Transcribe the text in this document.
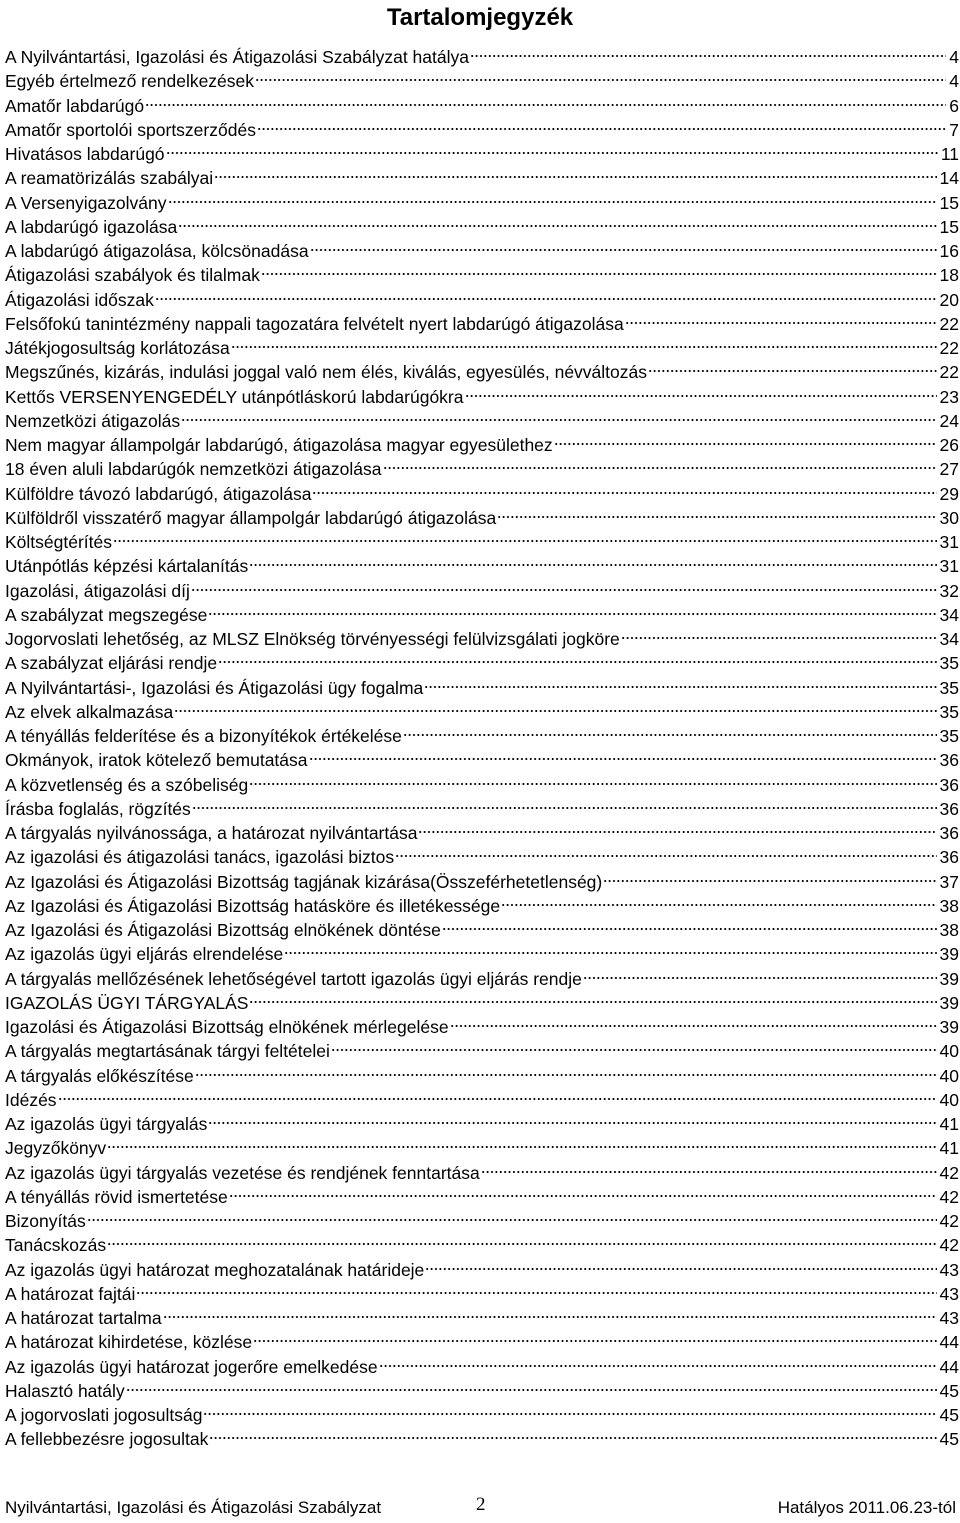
Tartalomjegyzék
A Nyilvántartási, Igazolási és Átigazolási Szabályzat hatálya	4
Egyéb értelmező rendelkezések	4
Amatőr labdarúgó	6
Amatőr sportolói sportszerződés	7
Hivatásos labdarúgó	11
A reamatörizálás szabályai	14
A Versenyigazolvány	15
A labdarúgó igazolása	15
A labdarúgó átigazolása, kölcsönadása	16
Átigazolási szabályok és tilalmak	18
Átigazolási időszak	20
Felsőfokú tanintézmény nappali tagozatára felvételt nyert labdarúgó átigazolása	22
Játékjogosultság korlátozása	22
Megszűnés, kizárás, indulási joggal való nem élés, kiválás, egyesülés, névváltozás	22
Kettős VERSENYENGEDÉLY utánpótláskorú labdarúgókra	23
Nemzetközi átigazolás	24
Nem magyar állampolgár labdarúgó, átigazolása magyar egyesülethez	26
18 éven aluli labdarúgók nemzetközi átigazolása	27
Külföldre távozó labdarúgó, átigazolása	29
Külföldről visszatérő magyar állampolgár labdarúgó átigazolása	30
Költségtérítés	31
Utánpótlás képzési kártalanítás	31
Igazolási, átigazolási díj	32
A szabályzat megszegése	34
Jogorvoslati lehetőség, az MLSZ Elnökség törvényességi felülvizsgálati jogköre	34
A szabályzat eljárási rendje	35
A Nyilvántartási-, Igazolási és Átigazolási ügy fogalma	35
Az elvek alkalmazása	35
A tényállás felderítése és a bizonyítékok értékelése	35
Okmányok, iratok kötelező bemutatása	36
A közvetlenség és a szóbeliség	36
Írásba foglalás, rögzítés	36
A tárgyalás nyilvánossága, a határozat nyilvántartása	36
Az igazolási és átigazolási tanács, igazolási biztos	36
Az Igazolási és Átigazolási Bizottság tagjának kizárása(Összeférhetetlenség)	37
Az Igazolási és Átigazolási Bizottság hatásköre és illetékessége	38
Az Igazolási és Átigazolási Bizottság elnökének döntése	38
Az igazolás ügyi eljárás elrendelése	39
A tárgyalás mellőzésének lehetőségével tartott igazolás ügyi eljárás rendje	39
IGAZOLÁS ÜGYI TÁRGYALÁS	39
Igazolási és Átigazolási Bizottság elnökének mérlegelése	39
A tárgyalás megtartásának tárgyi feltételei	40
A tárgyalás előkészítése	40
Idézés	40
Az igazolás ügyi tárgyalás	41
Jegyzőkönyv	41
Az igazolás ügyi tárgyalás vezetése és rendjének fenntartása	42
A tényállás rövid ismertetése	42
Bizonyítás	42
Tanácskozás	42
Az igazolás ügyi határozat meghozatalának határideje	43
A határozat fajtái	43
A határozat tartalma	43
A határozat kihirdetése, közlése	44
Az igazolás ügyi határozat jogerőre emelkedése	44
Halasztó hatály	45
A jogorvoslati jogosultság	45
A fellebbezésre jogosultak	45
Nyilvántartási, Igazolási és Átigazolási Szabályzat	2	Hatályos 2011.06.23-tól
